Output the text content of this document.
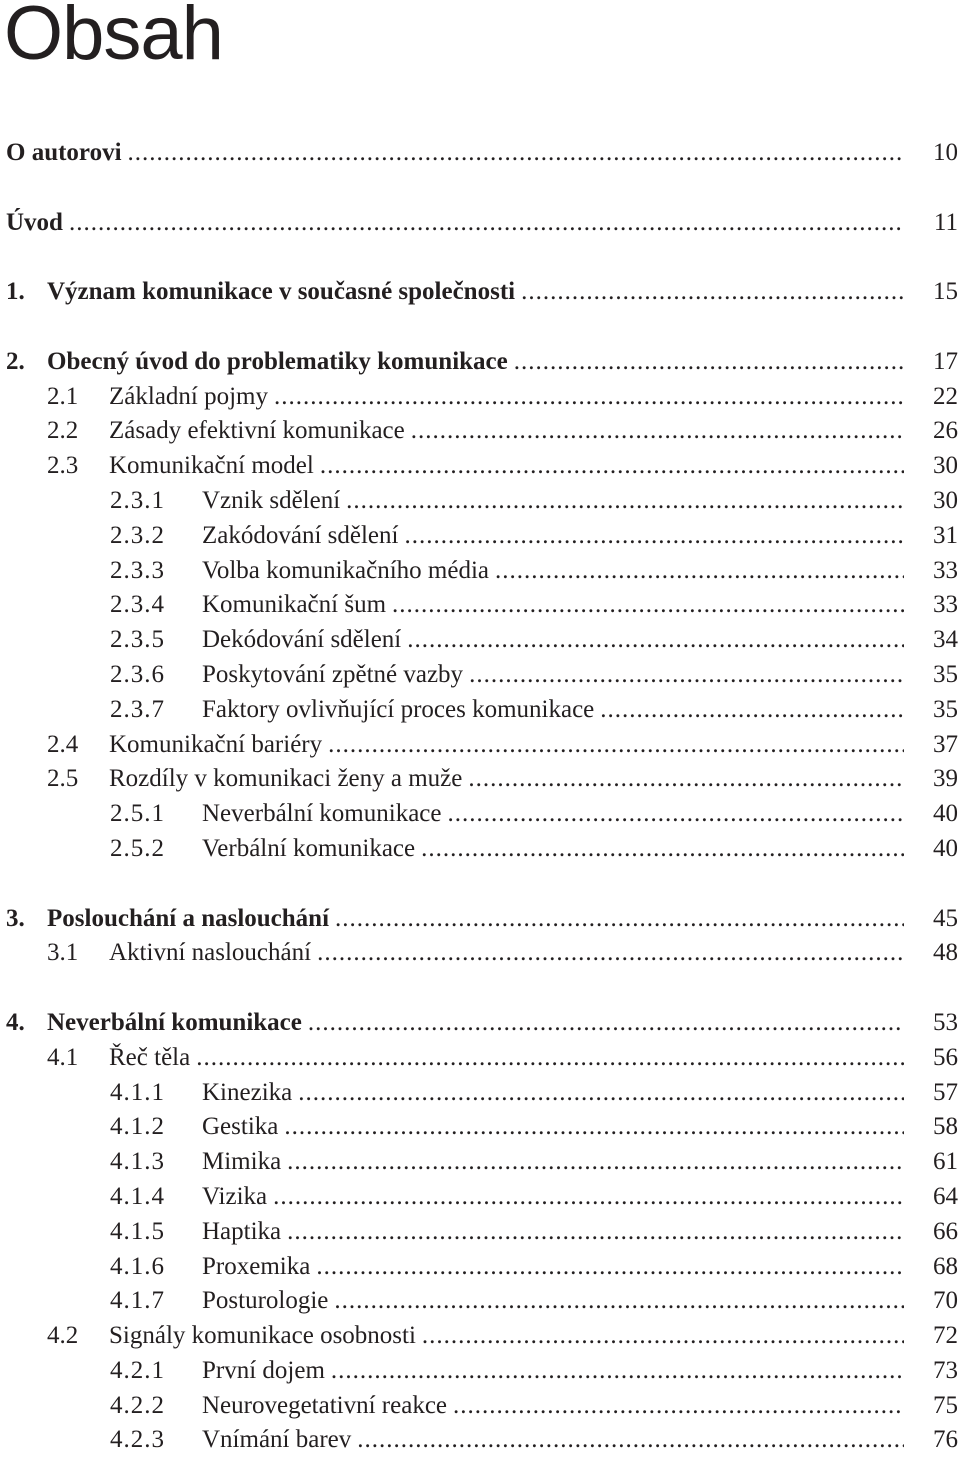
Obsah
O autorovi .....	10
Úvod .....	11
1. Význam komunikace v současné společnosti .....	15
2. Obecný úvod do problematiky komunikace .....	17
2.1	Základní pojmy .....	22
2.2	Zásady efektivní komunikace .....	26
2.3	Komunikační model .....	30
2.3.1	Vznik sdělení .....	30
2.3.2	Zakódování sdělení .....	31
2.3.3	Volba komunikačního média .....	33
2.3.4	Komunikační šum .....	33
2.3.5	Dekódování sdělení .....	34
2.3.6	Poskytování zpětné vazby .....	35
2.3.7	Faktory ovlivňující proces komunikace .....	35
2.4	Komunikační bariéry .....	37
2.5	Rozdíly v komunikaci ženy a muže .....	39
2.5.1	Neverbální komunikace .....	40
2.5.2	Verbální komunikace .....	40
3. Poslouchání a naslouchání .....	45
3.1	Aktivní naslouchání .....	48
4. Neverbální komunikace .....	53
4.1	Řeč těla .....	56
4.1.1	Kinezika .....	57
4.1.2	Gestika .....	58
4.1.3	Mimika .....	61
4.1.4	Vizika .....	64
4.1.5	Haptika .....	66
4.1.6	Proxemika .....	68
4.1.7	Posturologie .....	70
4.2	Signály komunikace osobnosti .....	72
4.2.1	První dojem .....	73
4.2.2	Neurovegetativní reakce .....	75
4.2.3	Vnímání barev .....	76
